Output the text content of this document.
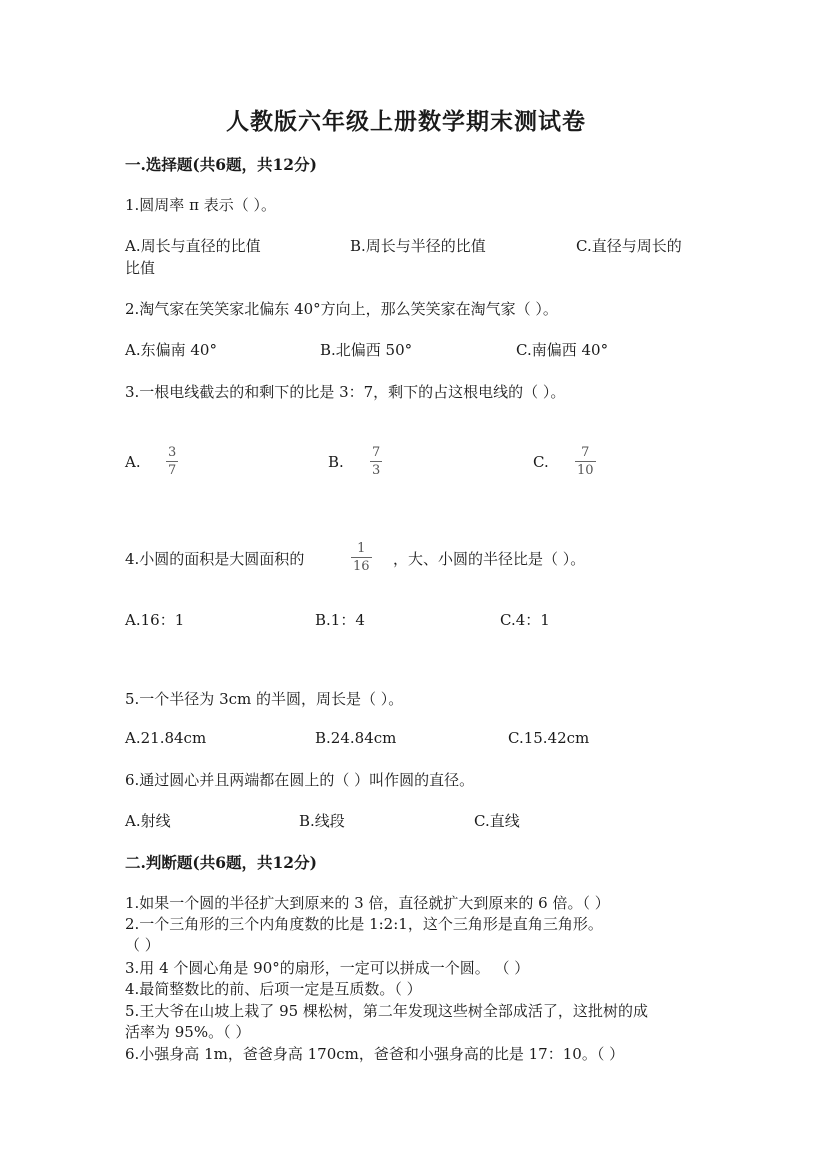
人教版六年级上册数学期末测试卷
一.选择题(共6题，共12分)
1.圆周率 π 表示（ ）。
A.周长与直径的比值	B.周长与半径的比值	C.直径与周长的
比值
2.淘气家在笑笑家北偏东 40°方向上，那么笑笑家在淘气家（ ）。
A.东偏南 40°	B.北偏西 50°	C.南偏西 40°
3.一根电线截去的和剩下的比是 3：7，剩下的占这根电线的（ ）。
A.
3
7	B.
7
3	C.
7
10
4.小圆的面积是大圆面积的
1
16 ，大、小圆的半径比是（ ）。
A.16：1	B.1：4	C.4：1
5.一个半径为 3cm 的半圆，周长是（ ）。
A.21.84cm	B.24.84cm	C.15.42cm
6.通过圆心并且两端都在圆上的（ ）叫作圆的直径。
A.射线	B.线段	C.直线
二.判断题(共6题，共12分)
1.如果一个圆的半径扩大到原来的 3 倍，直径就扩大到原来的 6 倍。（ ）
2.一个三角形的三个内角度数的比是 1:2:1，这个三角形是直角三角形。
（ ）
3.用 4 个圆心角是 90°的扇形，一定可以拼成一个圆。 （ ）
4.最简整数比的前、后项一定是互质数。（ ）
5.王大爷在山坡上栽了 95 棵松树，第二年发现这些树全部成活了，这批树的成
活率为 95%。（ ）
6.小强身高 1m，爸爸身高 170cm，爸爸和小强身高的比是 17：10。（ ）
